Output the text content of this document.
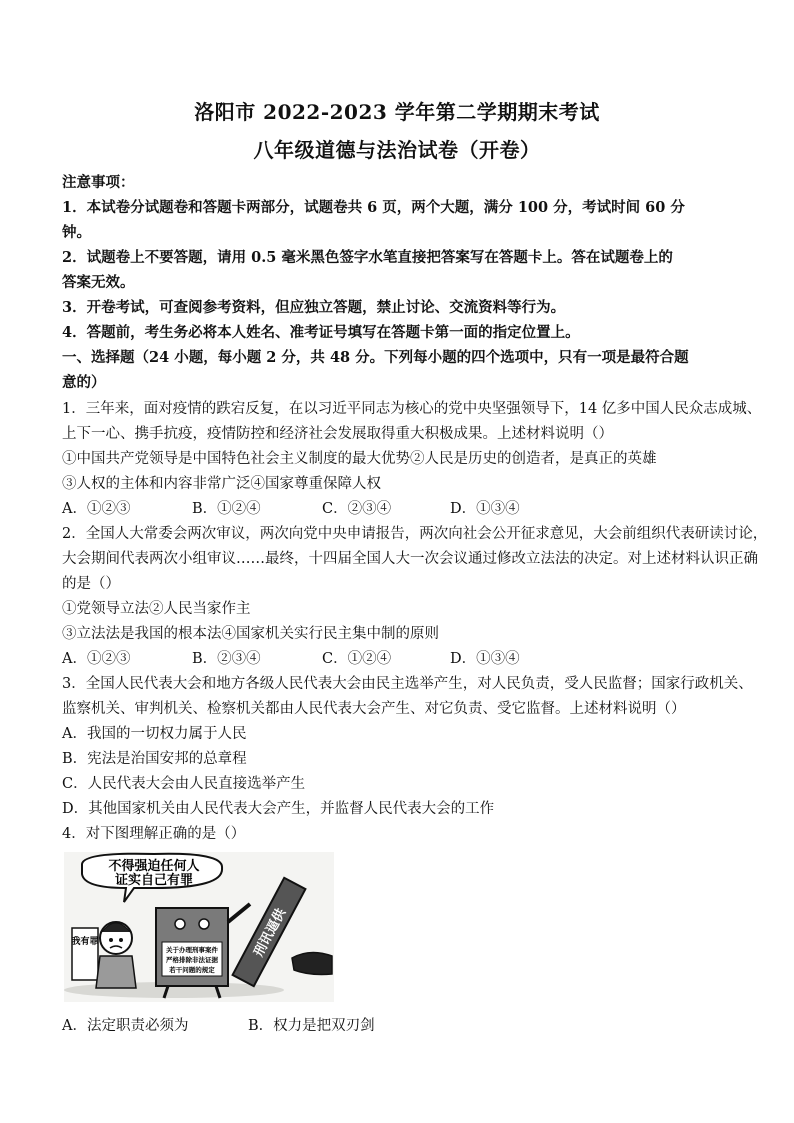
洛阳市 2022-2023 学年第二学期期末考试
八年级道德与法治试卷（开卷）
注意事项：
1．本试卷分试题卷和答题卡两部分，试题卷共 6 页，两个大题，满分 100 分，考试时间 60 分
钟。
2．试题卷上不要答题，请用 0.5 毫米黑色签字水笔直接把答案写在答题卡上。答在试题卷上的
答案无效。
3．开卷考试，可查阅参考资料，但应独立答题，禁止讨论、交流资料等行为。
4．答题前，考生务必将本人姓名、准考证号填写在答题卡第一面的指定位置上。
一、选择题（24 小题，每小题 2 分，共 48 分。下列每小题的四个选项中，只有一项是最符合题
意的）
1．三年来，面对疫情的跌宕反复，在以习近平同志为核心的党中央坚强领导下，14 亿多中国人民众志成城、
上下一心、携手抗疫，疫情防控和经济社会发展取得重大积极成果。上述材料说明（）
①中国共产党领导是中国特色社会主义制度的最大优势②人民是历史的创造者，是真正的英雄
③人权的主体和内容非常广泛④国家尊重保障人权
A．①②③	B．①②④	C．②③④	D．①③④
2．全国人大常委会两次审议，两次向党中央申请报告，两次向社会公开征求意见，大会前组织代表研读讨论，
大会期间代表两次小组审议……最终，十四届全国人大一次会议通过修改立法法的决定。对上述材料认识正确
的是（）
①党领导立法②人民当家作主
③立法法是我国的根本法④国家机关实行民主集中制的原则
A．①②③	B．②③④	C．①②④	D．①③④
3．全国人民代表大会和地方各级人民代表大会由民主选举产生，对人民负责，受人民监督；国家行政机关、
监察机关、审判机关、检察机关都由人民代表大会产生、对它负责、受它监督。上述材料说明（）
A．我国的一切权力属于人民
B．宪法是治国安邦的总章程
C．人民代表大会由人民直接选举产生
D．其他国家机关由人民代表大会产生，并监督人民代表大会的工作
4．对下图理解正确的是（）
不得强迫任何人
证实自己有罪
我有罪
关于办理刑事案件
严格排除非法证据
若干问题的规定
刑讯逼供
A．法定职责必须为	B．权力是把双刃剑
